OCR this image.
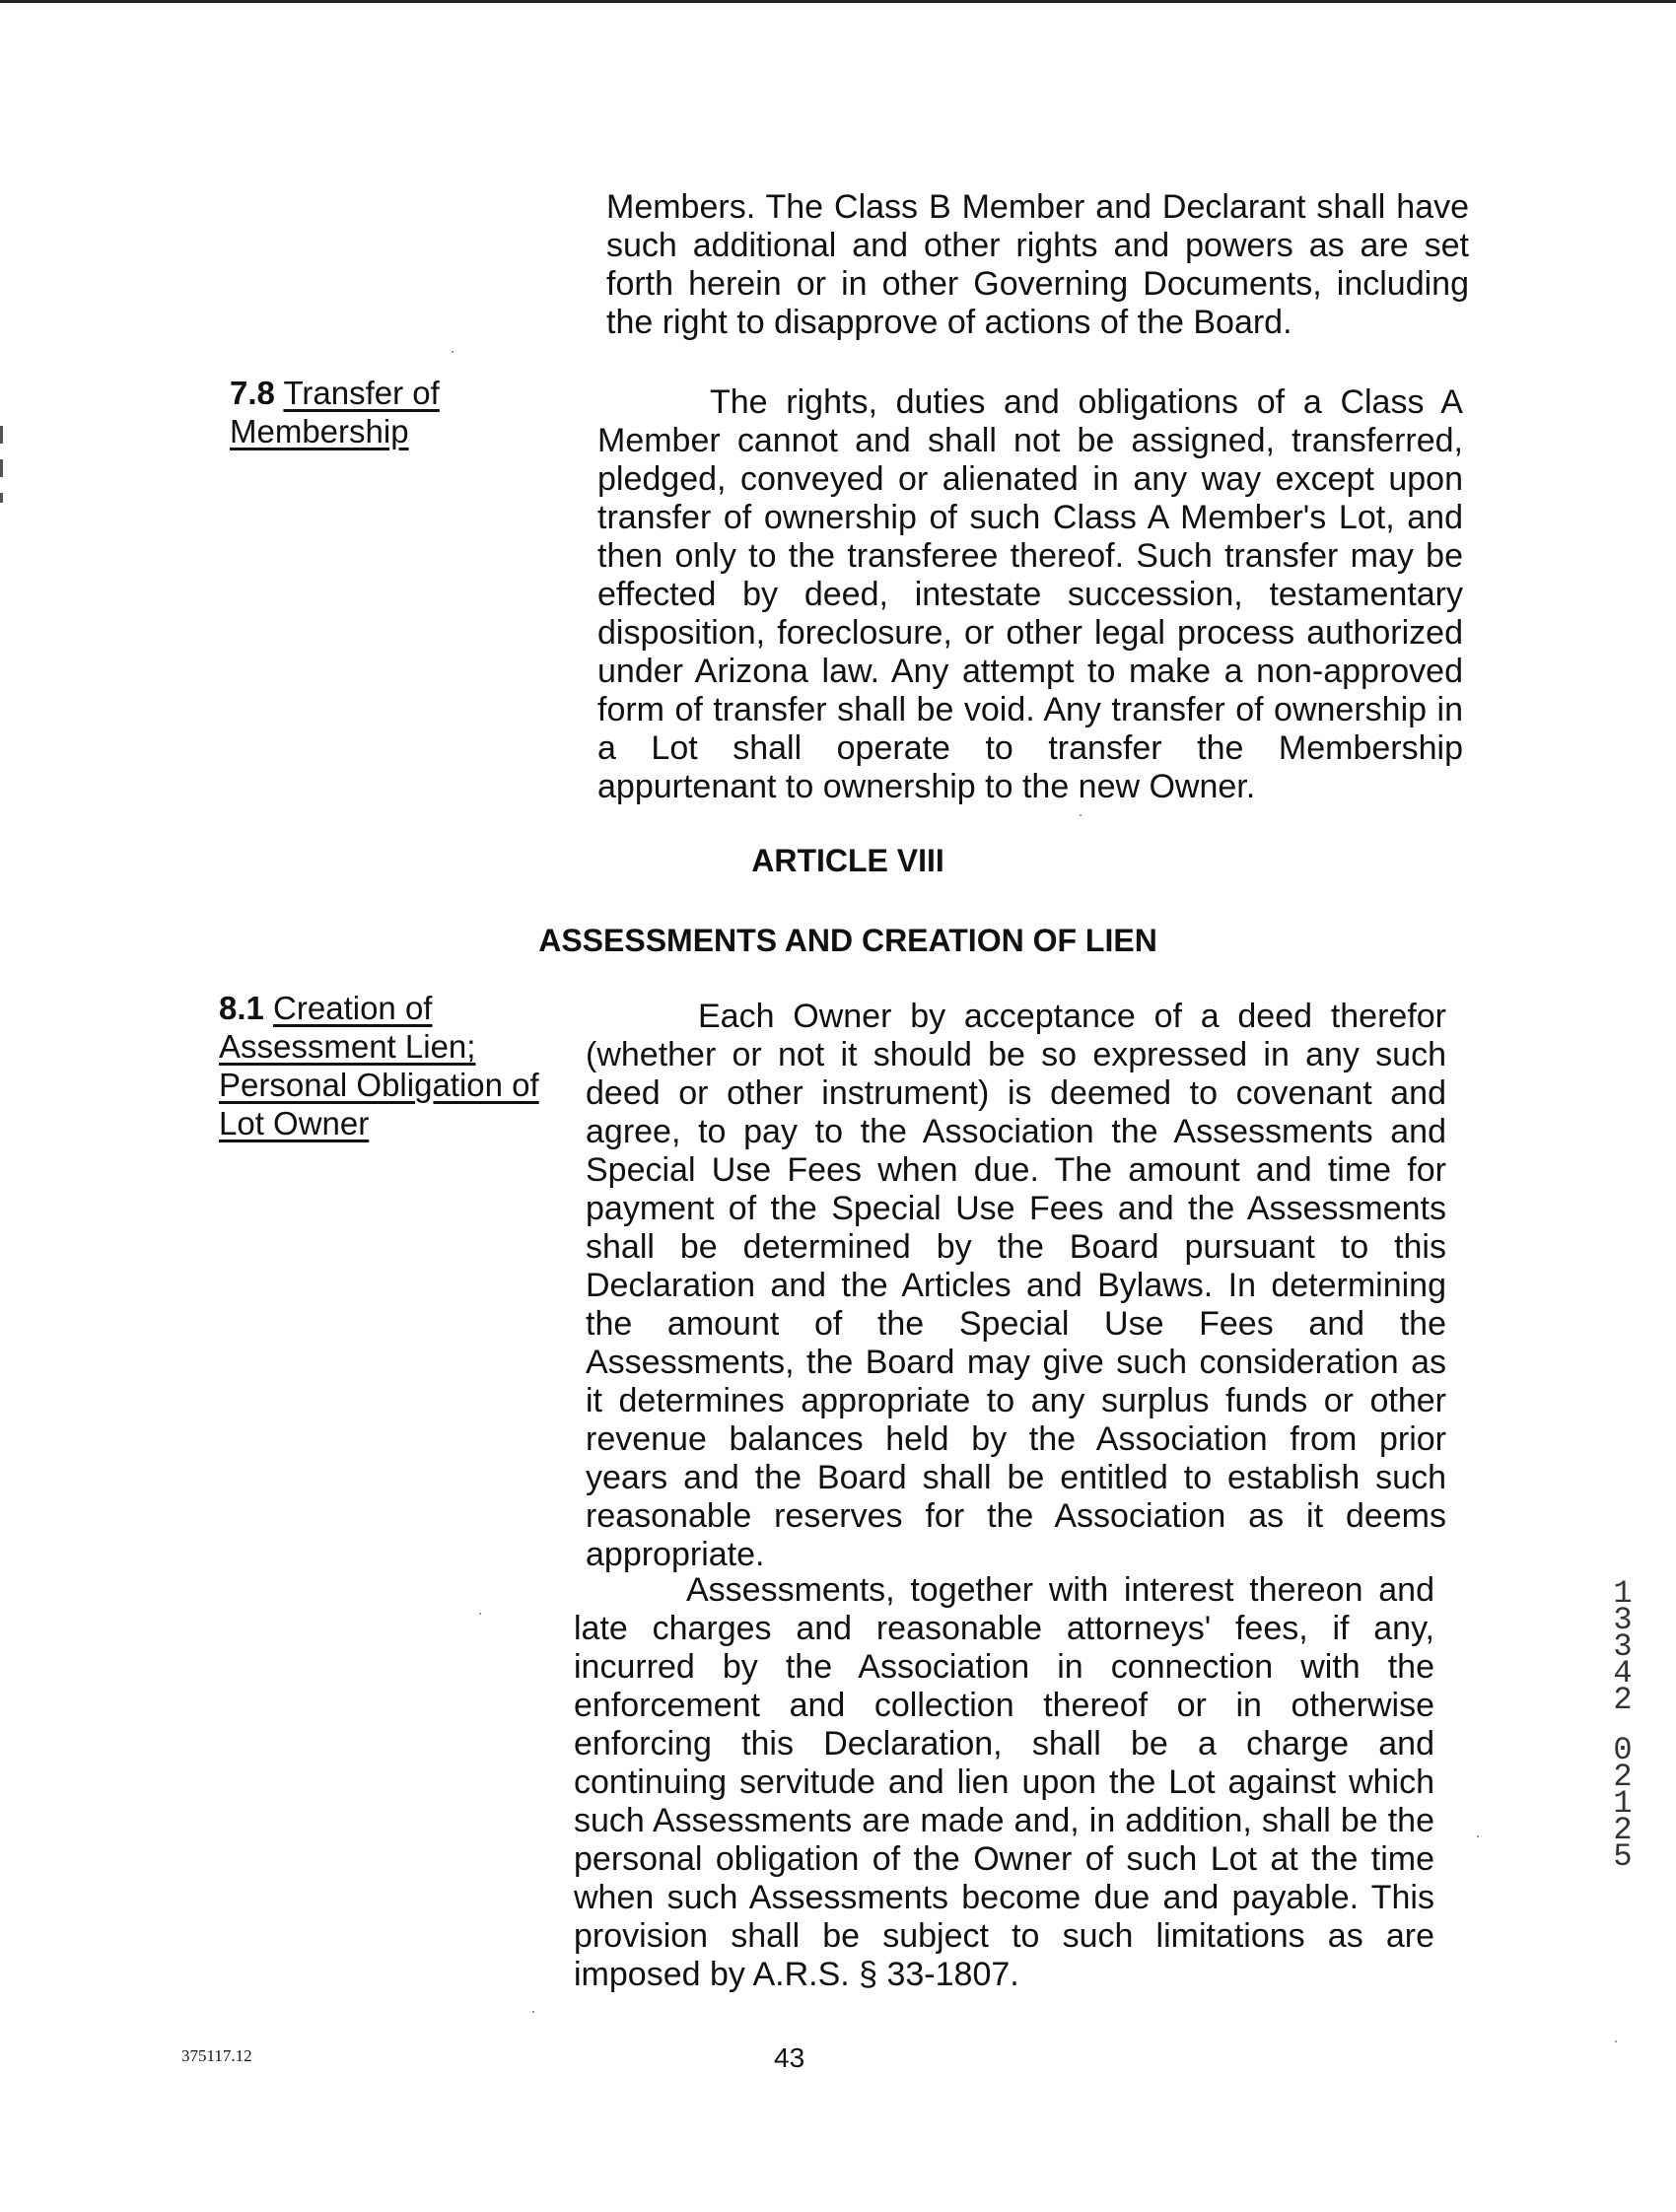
Members. The Class B Member and Declarant shall have such additional and other rights and powers as are set forth herein or in other Governing Documents, including the right to disapprove of actions of the Board.
7.8 Transfer of
Membership
The rights, duties and obligations of a Class A Member cannot and shall not be assigned, transferred, pledged, conveyed or alienated in any way except upon transfer of ownership of such Class A Member's Lot, and then only to the transferee thereof. Such transfer may be effected by deed, intestate succession, testamentary disposition, foreclosure, or other legal process authorized under Arizona law. Any attempt to make a non-approved form of transfer shall be void. Any transfer of ownership in a Lot shall operate to transfer the Membership appurtenant to ownership to the new Owner.
ARTICLE VIII
ASSESSMENTS AND CREATION OF LIEN
8.1 Creation of
Assessment Lien;
Personal Obligation of
Lot Owner
Each Owner by acceptance of a deed therefor (whether or not it should be so expressed in any such deed or other instrument) is deemed to covenant and agree, to pay to the Association the Assessments and Special Use Fees when due. The amount and time for payment of the Special Use Fees and the Assessments shall be determined by the Board pursuant to this Declaration and the Articles and Bylaws. In determining the amount of the Special Use Fees and the Assessments, the Board may give such consideration as it determines appropriate to any surplus funds or other revenue balances held by the Association from prior years and the Board shall be entitled to establish such reasonable reserves for the Association as it deems appropriate.
Assessments, together with interest thereon and late charges and reasonable attorneys' fees, if any, incurred by the Association in connection with the enforcement and collection thereof or in otherwise enforcing this Declaration, shall be a charge and continuing servitude and lien upon the Lot against which such Assessments are made and, in addition, shall be the personal obligation of the Owner of such Lot at the time when such Assessments become due and payable. This provision shall be subject to such limitations as are imposed by A.R.S. § 33-1807.
1
3
3
4
2
0
2
1
2
5
375117.12	43
